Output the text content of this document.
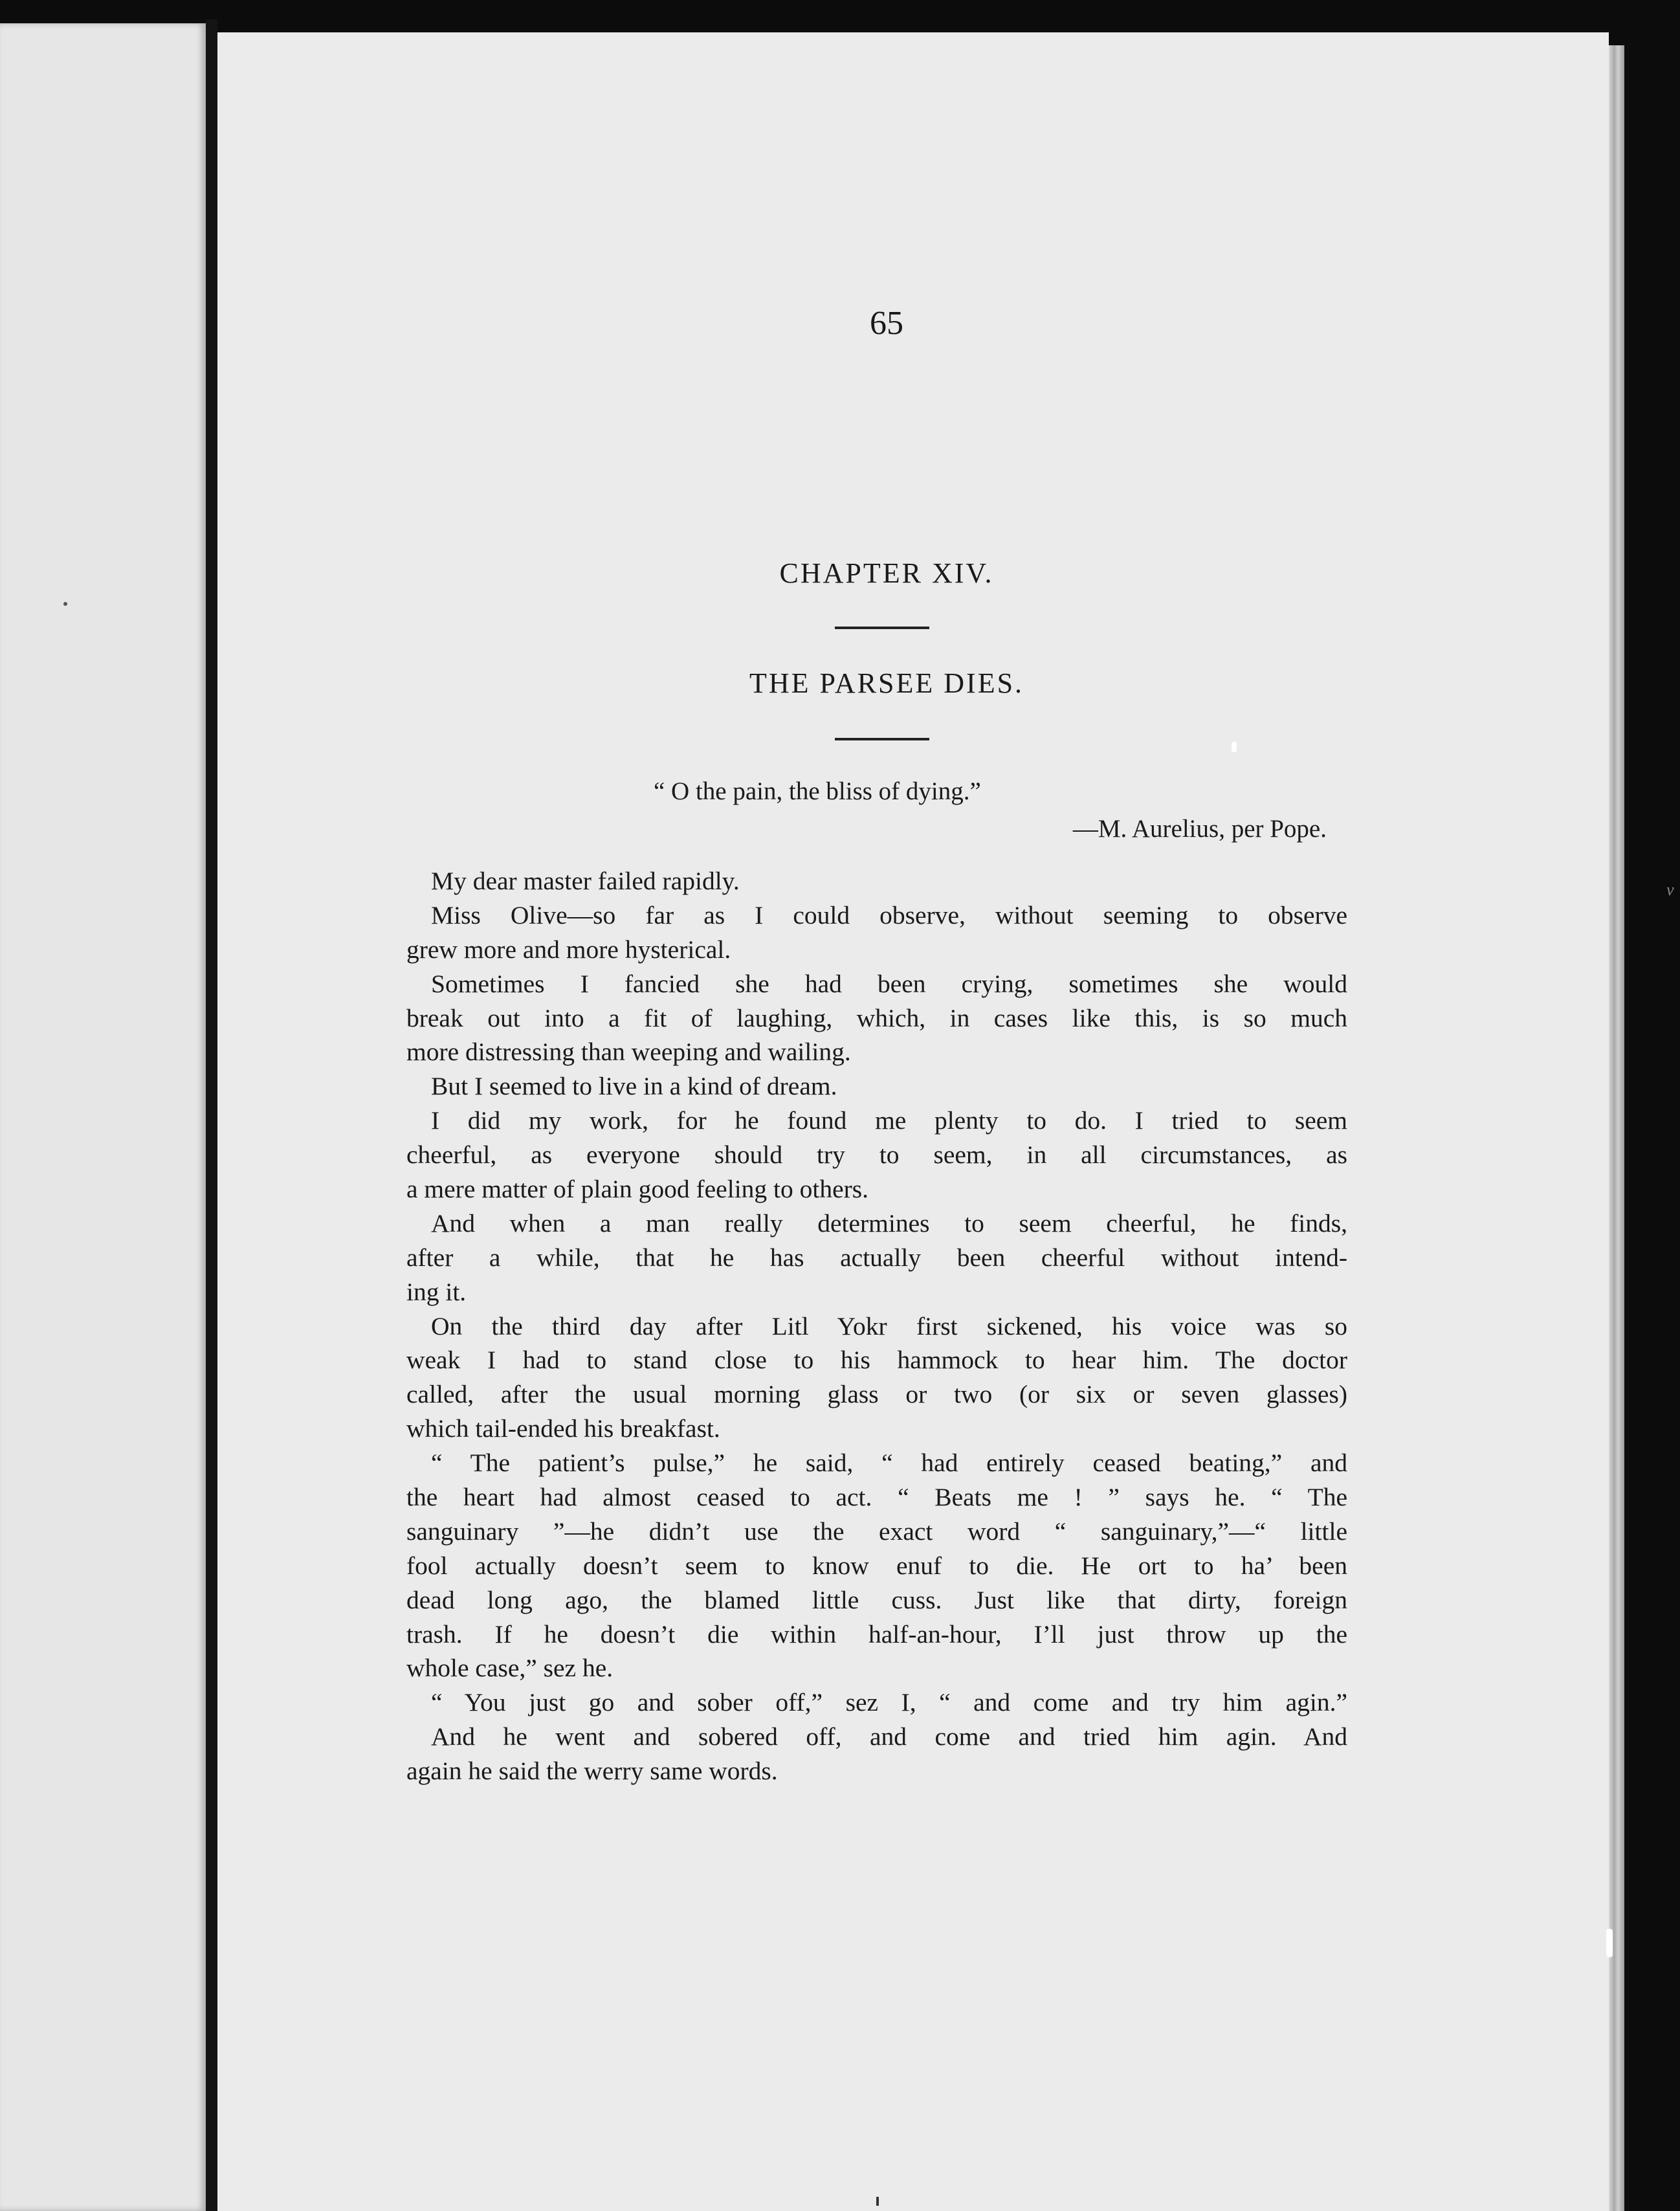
65
CHAPTER XIV.
THE PARSEE DIES.
“ O the pain, the bliss of dying.”
—M. Aurelius, per Pope.
My dear master failed rapidly.
Miss Olive—so far as I could observe, without seeming to observe
grew more and more hysterical.
Sometimes I fancied she had been crying, sometimes she would
break out into a fit of laughing, which, in cases like this, is so much
more distressing than weeping and wailing.
But I seemed to live in a kind of dream.
I did my work, for he found me plenty to do. I tried to seem
cheerful, as everyone should try to seem, in all circumstances, as
a mere matter of plain good feeling to others.
And when a man really determines to seem cheerful, he finds,
after a while, that he has actually been cheerful without intend-
ing it.
On the third day after Litl Yokr first sickened, his voice was so
weak I had to stand close to his hammock to hear him. The doctor
called, after the usual morning glass or two (or six or seven glasses)
which tail-ended his breakfast.
“ The patient’s pulse,” he said, “ had entirely ceased beating,” and
the heart had almost ceased to act. “ Beats me ! ” says he. “ The
sanguinary ”—he didn’t use the exact word “ sanguinary,”—“ little
fool actually doesn’t seem to know enuf to die. He ort to ha’ been
dead long ago, the blamed little cuss. Just like that dirty, foreign
trash. If he doesn’t die within half-an-hour, I’ll just throw up the
whole case,” sez he.
“ You just go and sober off,” sez I, “ and come and try him agin.”
And he went and sobered off, and come and tried him agin. And
again he said the werry same words.
v
